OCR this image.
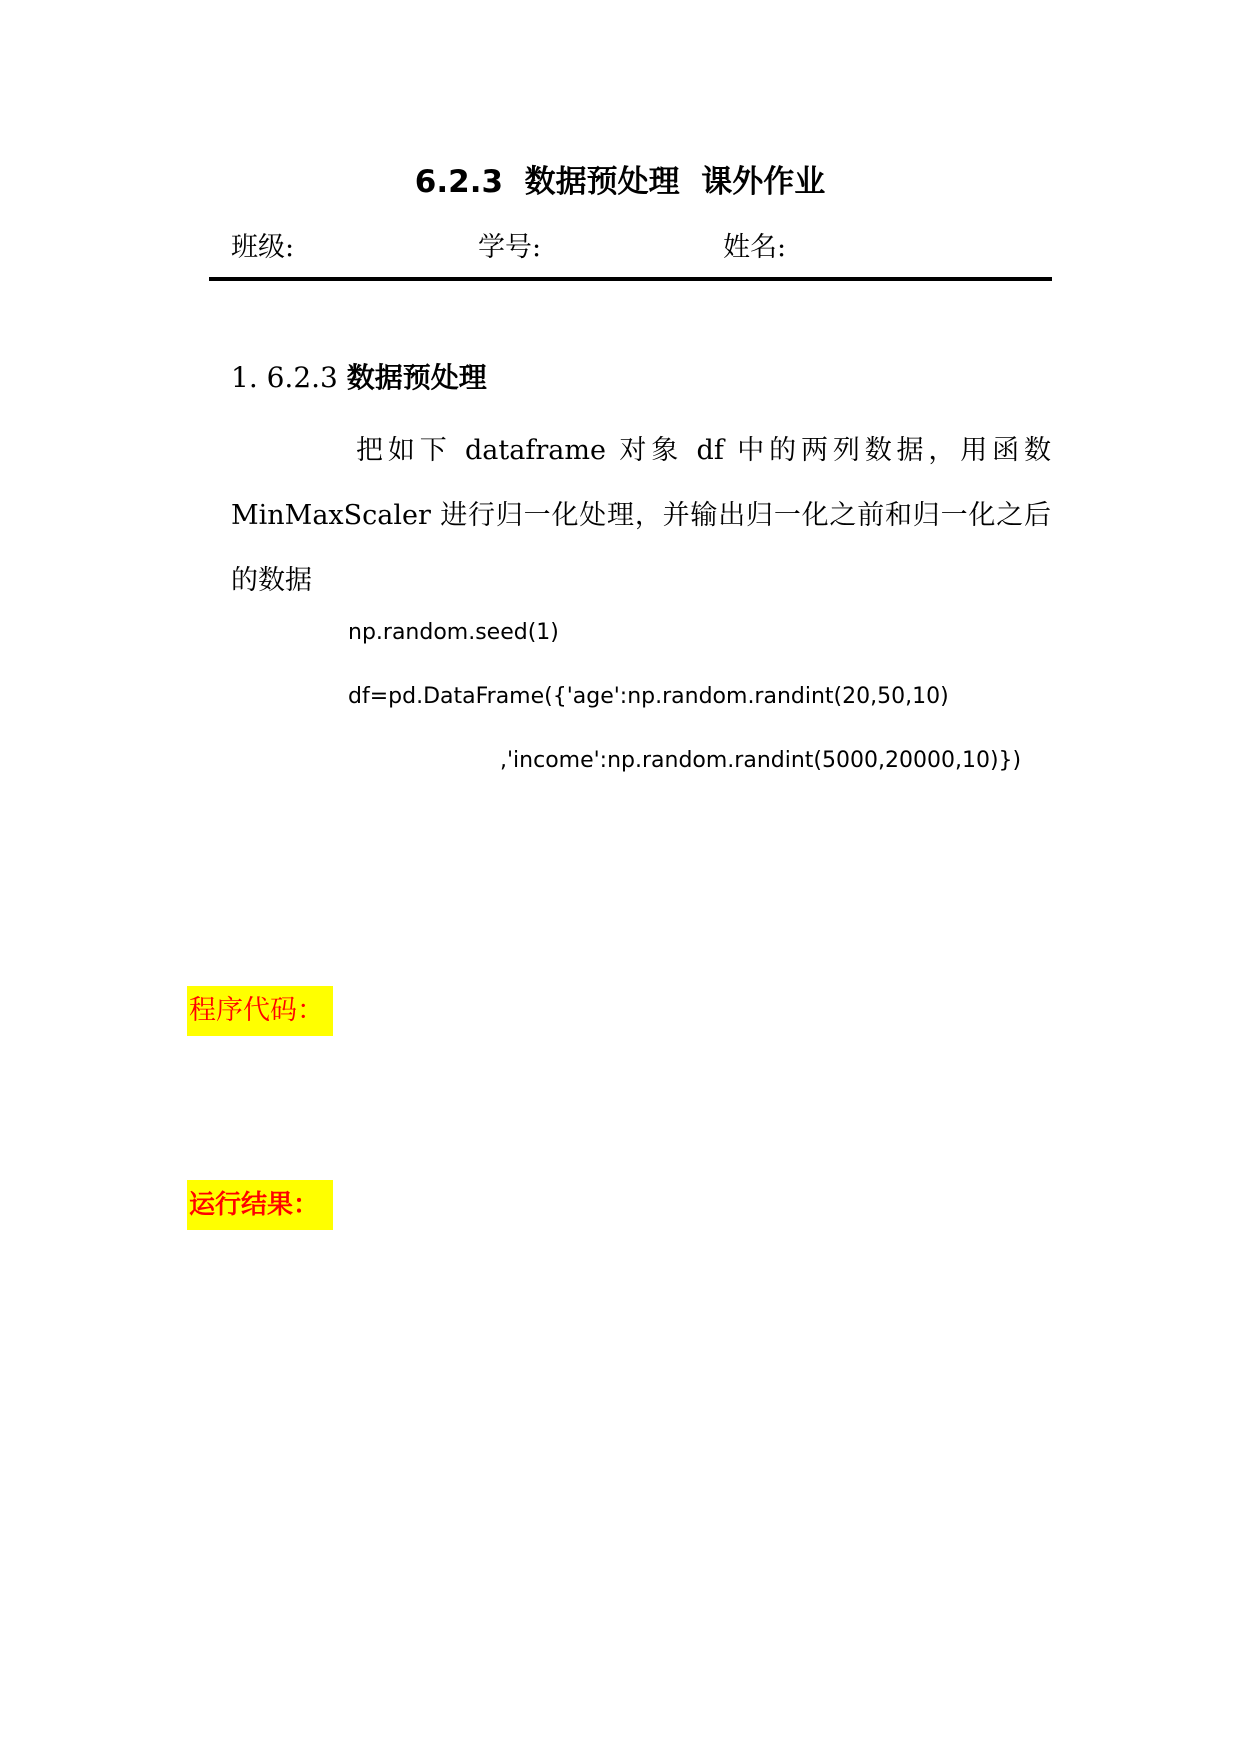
6.2.3  数据预处理  课外作业
班级:	学号:	姓名:
1. 6.2.3 数据预处理

把如下 dataframe 对象 df 中的两列数据，用函数 MinMaxScaler 进行归一化处理，并输出归一化之前和归一化之后的数据

np.random.seed(1)
df=pd.DataFrame({'age':np.random.randint(20,50,10)
,'income':np.random.randint(5000,20000,10)})
程序代码：
运行结果：
